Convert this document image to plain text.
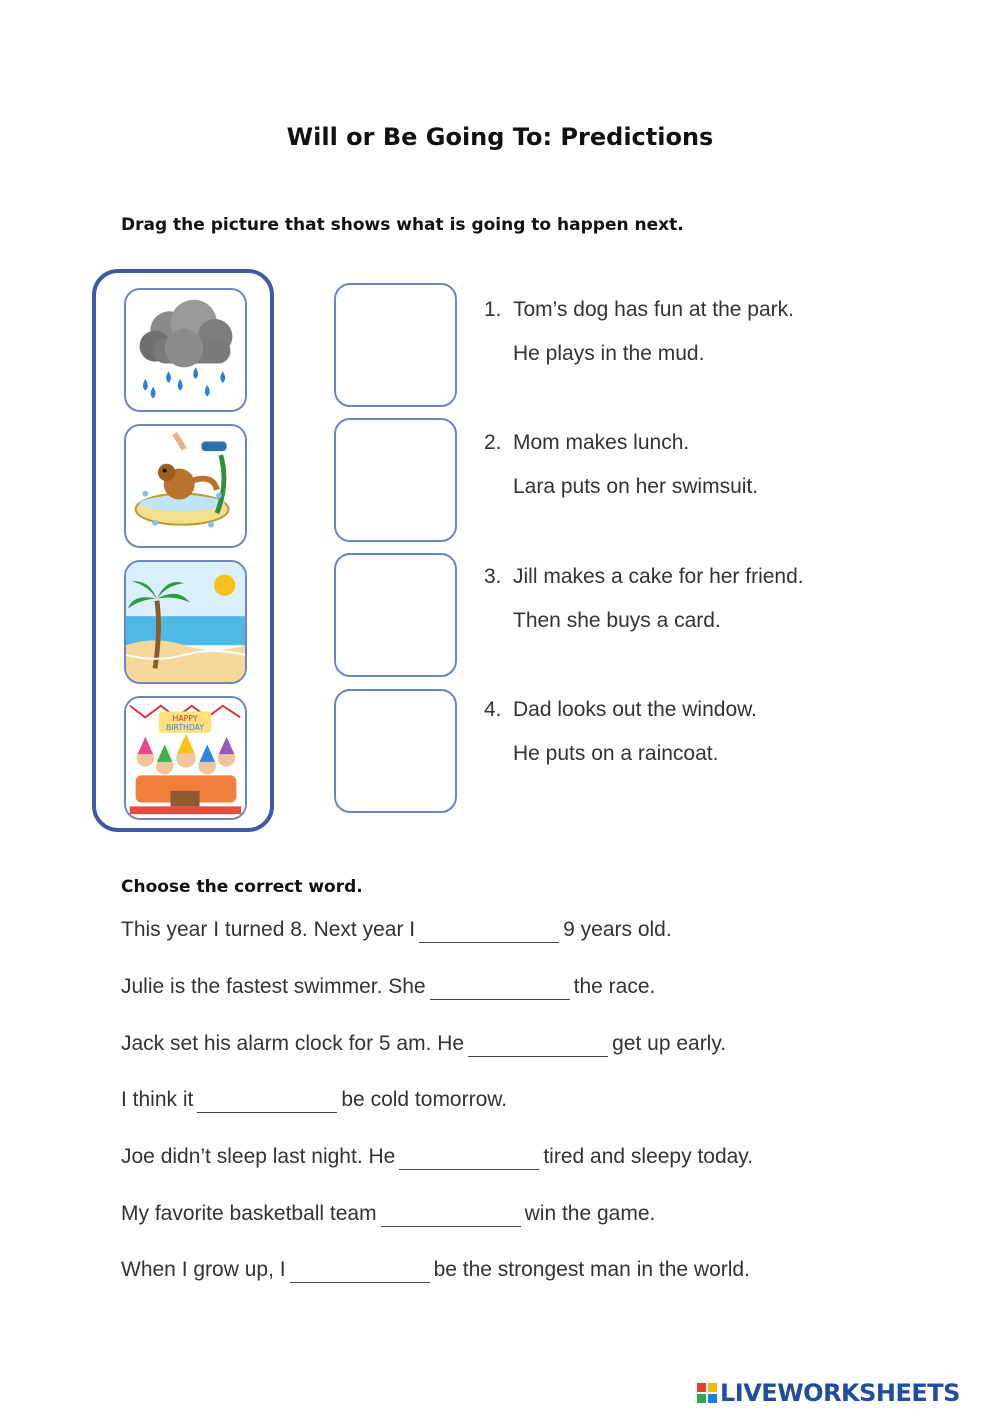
Will or Be Going To: Predictions
Drag the picture that shows what is going to happen next.
HAPPY
BIRTHDAY
1. Tom’s dog has fun at the park.
He plays in the mud.
2. Mom makes lunch.
Lara puts on her swimsuit.
3. Jill makes a cake for her friend.
Then she buys a card.
4. Dad looks out the window.
He puts on a raincoat.
Choose the correct word.
This year I turned 8. Next year I	9 years old.
Julie is the fastest swimmer. She	the race.
Jack set his alarm clock for 5 am. He	get up early.
I think it	be cold tomorrow.
Joe didn’t sleep last night. He	tired and sleepy today.
My favorite basketball team	win the game.
When I grow up, I	be the strongest man in the world.
LIVEWORKSHEETS
